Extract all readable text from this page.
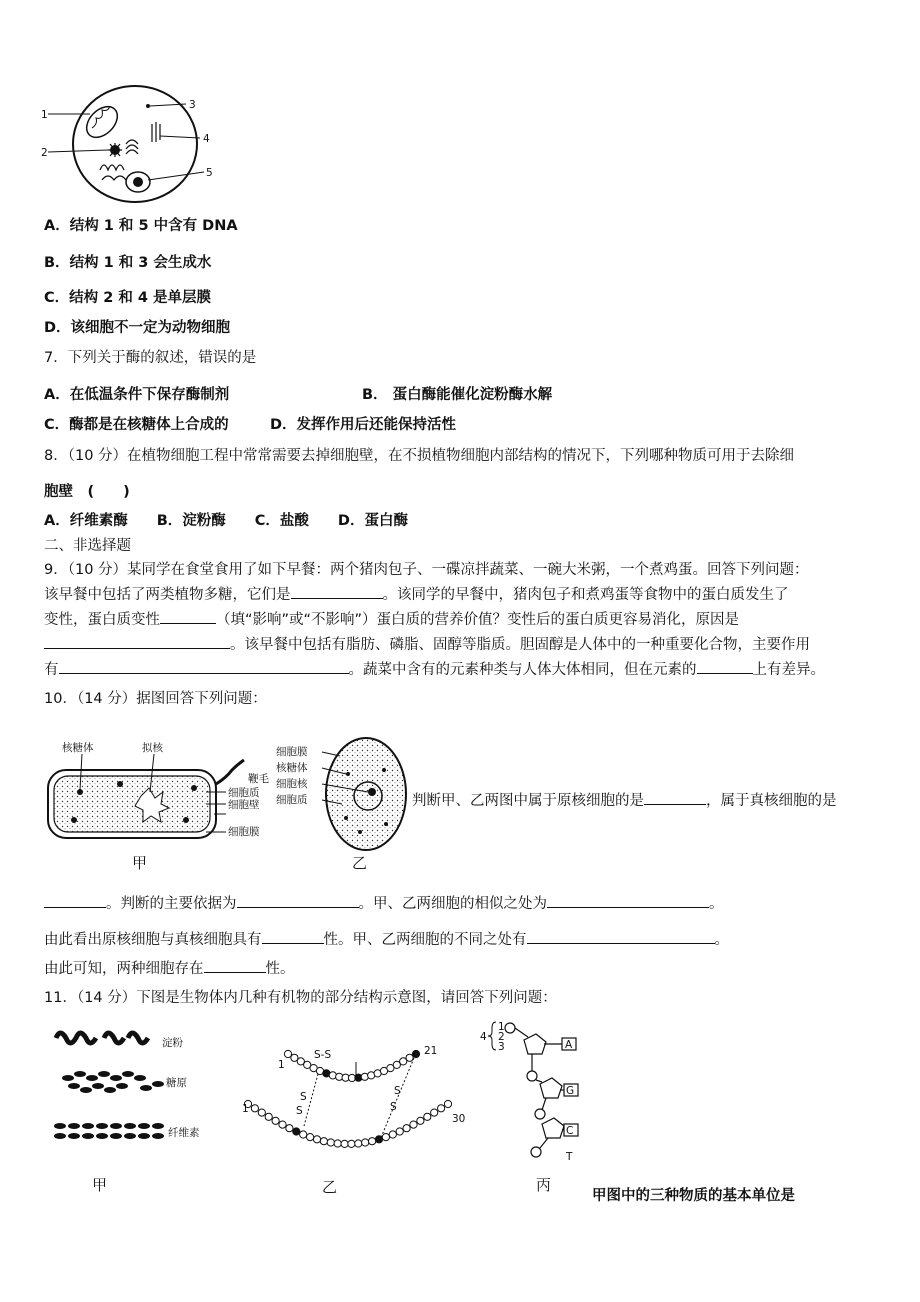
1
2
3
4
5
A．结构 1 和 5 中含有 DNA
B．结构 1 和 3 会生成水
C．结构 2 和 4 是单层膜
D．该细胞不一定为动物细胞
7．下列关于酶的叙述，错误的是
A．在低温条件下保存酶制剂	B． 蛋白酶能催化淀粉酶水解
C．酶都是在核糖体上合成的	D．发挥作用后还能保持活性
8．（10 分）在植物细胞工程中常常需要去掉细胞壁，在不损植物细胞内部结构的情况下，下列哪种物质可用于去除细
胞壁　(　　)
A．纤维素酶　　B．淀粉酶　　C．盐酸　　D．蛋白酶
二、非选择题
9．（10 分）某同学在食堂食用了如下早餐：两个猪肉包子、一碟凉拌蔬菜、一碗大米粥，一个煮鸡蛋。回答下列问题：
该早餐中包括了两类植物多糖，它们是	。该同学的早餐中，猪肉包子和煮鸡蛋等食物中的蛋白质发生了
变性，蛋白质变性	（填“影响”或“不影响”）蛋白质的营养价值？变性后的蛋白质更容易消化，原因是
。该早餐中包括有脂肪、磷脂、固醇等脂质。胆固醇是人体中的一种重要化合物，主要作用
有	。蔬菜中含有的元素种类与人体大体相同，但在元素的	上有差异。
10．（14 分）据图回答下列问题：
核糖体	拟核
鞭毛
细胞质
细胞壁
细胞膜
甲
细胞膜
核糖体
细胞核
细胞质
乙
判断甲、乙两图中属于原核细胞的是	，属于真核细胞的是
。判断的主要依据为	。甲、乙两细胞的相似之处为	。
由此看出原核细胞与真核细胞具有	性。甲、乙两细胞的不同之处有	。
由此可知，两种细胞存在	性。
11．（14 分）下图是生物体内几种有机物的部分结构示意图，请回答下列问题：
淀粉
糖原
纤维素
甲
1
21
1
30
S-S
S
S
S
S
乙
4
1
2
3	A
G
C
T
丙
甲图中的三种物质的基本单位是
